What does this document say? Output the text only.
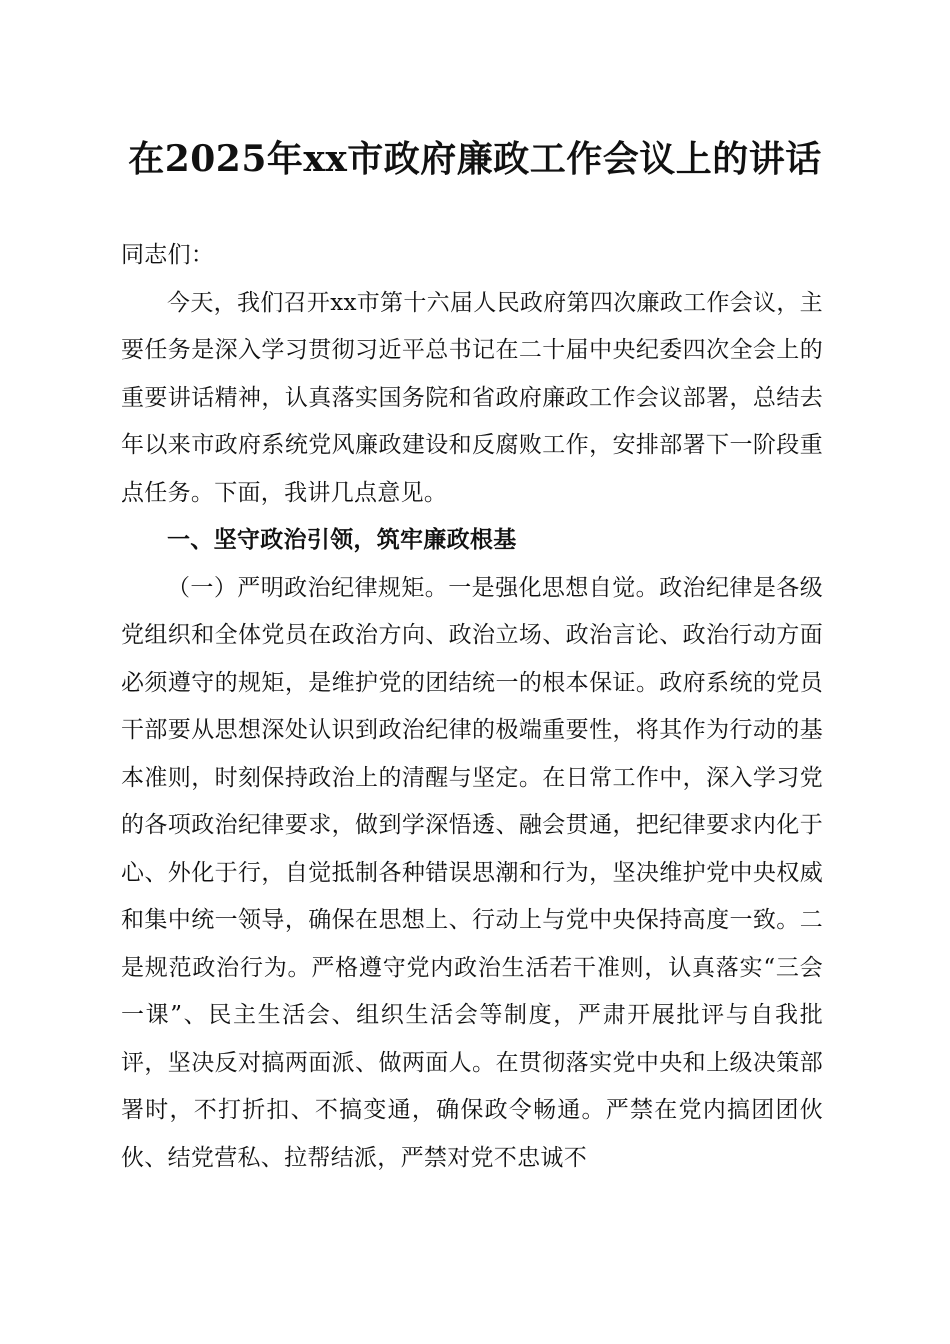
在2025年xx市政府廉政工作会议上的讲话

同志们：

今天，我们召开xx市第十六届人民政府第四次廉政工作会议，主要任务是深入学习贯彻习近平总书记在二十届中央纪委四次全会上的重要讲话精神，认真落实国务院和省政府廉政工作会议部署，总结去年以来市政府系统党风廉政建设和反腐败工作，安排部署下一阶段重点任务。下面，我讲几点意见。

一、坚守政治引领，筑牢廉政根基

（一）严明政治纪律规矩。一是强化思想自觉。政治纪律是各级党组织和全体党员在政治方向、政治立场、政治言论、政治行动方面必须遵守的规矩，是维护党的团结统一的根本保证。政府系统的党员干部要从思想深处认识到政治纪律的极端重要性，将其作为行动的基本准则，时刻保持政治上的清醒与坚定。在日常工作中，深入学习党的各项政治纪律要求，做到学深悟透、融会贯通，把纪律要求内化于心、外化于行，自觉抵制各种错误思潮和行为，坚决维护党中央权威和集中统一领导，确保在思想上、行动上与党中央保持高度一致。二是规范政治行为。严格遵守党内政治生活若干准则，认真落实“三会一课”、民主生活会、组织生活会等制度，严肃开展批评与自我批评，坚决反对搞两面派、做两面人。在贯彻落实党中央和上级决策部署时，不打折扣、不搞变通，确保政令畅通。严禁在党内搞团团伙伙、结党营私、拉帮结派，严禁对党不忠诚不
